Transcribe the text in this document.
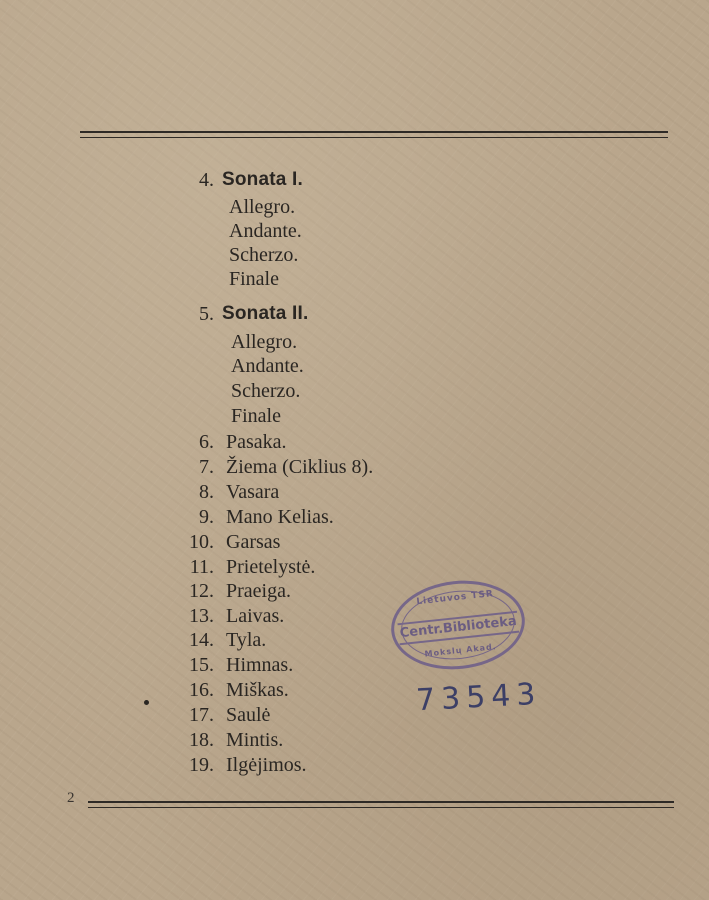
4. Sonata I.
Allegro.
Andante.
Scherzo.
Finale
5. Sonata II.
Allegro.
Andante.
Scherzo.
Finale
6. Pasaka.
7. Žiema (Ciklius 8).
8. Vasara
9. Mano Kelias.
10. Garsas
11. Prietelystė.
12. Praeiga.
13. Laivas.
14. Tyla.
15. Himnas.
16. Miškas.
17. Saulė
18. Mintis.
19. Ilgėjimos.
Lietuvos TSR
Centr.Biblioteka
Mokslų Akad.
73543
2
